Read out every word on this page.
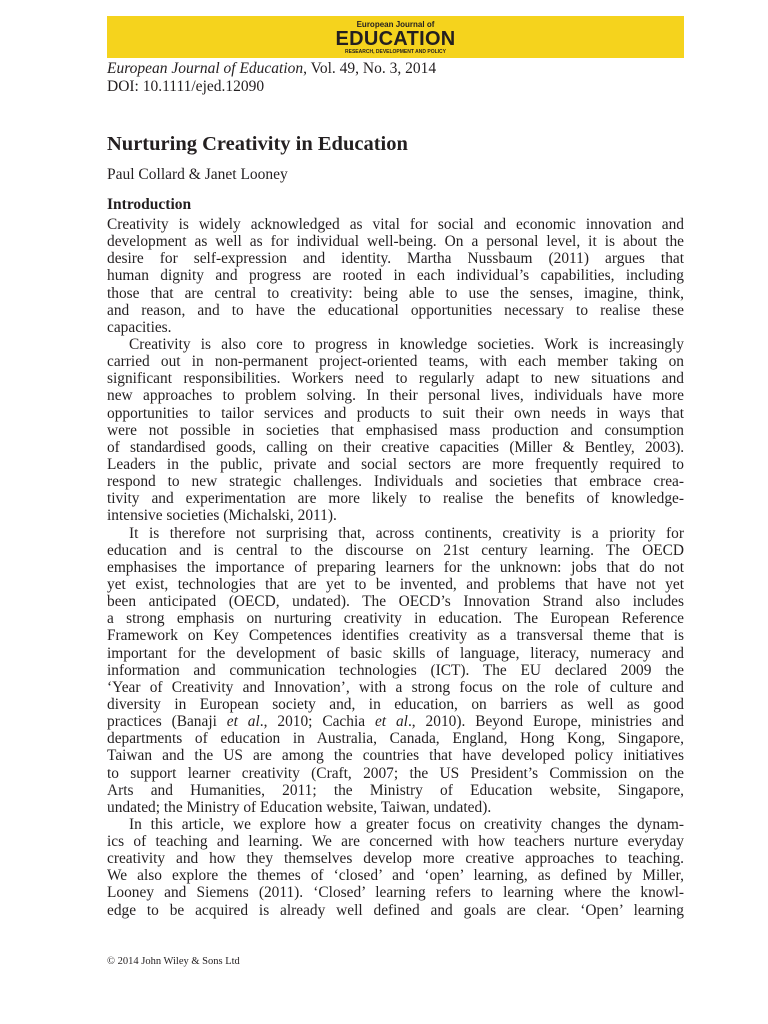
European Journal of
EDUCATION
RESEARCH, DEVELOPMENT AND POLICY
European Journal of Education, Vol. 49, No. 3, 2014
DOI: 10.1111/ejed.12090
Nurturing Creativity in Education
Paul Collard & Janet Looney
Introduction
Creativity is widely acknowledged as vital for social and economic innovation and
development as well as for individual well-being. On a personal level, it is about the
desire for self-expression and identity. Martha Nussbaum (2011) argues that
human dignity and progress are rooted in each individual’s capabilities, including
those that are central to creativity: being able to use the senses, imagine, think,
and reason, and to have the educational opportunities necessary to realise these
capacities.
Creativity is also core to progress in knowledge societies. Work is increasingly
carried out in non-permanent project-oriented teams, with each member taking on
significant responsibilities. Workers need to regularly adapt to new situations and
new approaches to problem solving. In their personal lives, individuals have more
opportunities to tailor services and products to suit their own needs in ways that
were not possible in societies that emphasised mass production and consumption
of standardised goods, calling on their creative capacities (Miller & Bentley, 2003).
Leaders in the public, private and social sectors are more frequently required to
respond to new strategic challenges. Individuals and societies that embrace crea-
tivity and experimentation are more likely to realise the benefits of knowledge-
intensive societies (Michalski, 2011).
It is therefore not surprising that, across continents, creativity is a priority for
education and is central to the discourse on 21st century learning. The OECD
emphasises the importance of preparing learners for the unknown: jobs that do not
yet exist, technologies that are yet to be invented, and problems that have not yet
been anticipated (OECD, undated). The OECD’s Innovation Strand also includes
a strong emphasis on nurturing creativity in education. The European Reference
Framework on Key Competences identifies creativity as a transversal theme that is
important for the development of basic skills of language, literacy, numeracy and
information and communication technologies (ICT). The EU declared 2009 the
‘Year of Creativity and Innovation’, with a strong focus on the role of culture and
diversity in European society and, in education, on barriers as well as good
practices (Banaji et al., 2010; Cachia et al., 2010). Beyond Europe, ministries and
departments of education in Australia, Canada, England, Hong Kong, Singapore,
Taiwan and the US are among the countries that have developed policy initiatives
to support learner creativity (Craft, 2007; the US President’s Commission on the
Arts and Humanities, 2011; the Ministry of Education website, Singapore,
undated; the Ministry of Education website, Taiwan, undated).
In this article, we explore how a greater focus on creativity changes the dynam-
ics of teaching and learning. We are concerned with how teachers nurture everyday
creativity and how they themselves develop more creative approaches to teaching.
We also explore the themes of ‘closed’ and ‘open’ learning, as defined by Miller,
Looney and Siemens (2011). ‘Closed’ learning refers to learning where the knowl-
edge to be acquired is already well defined and goals are clear. ‘Open’ learning
© 2014 John Wiley & Sons Ltd
